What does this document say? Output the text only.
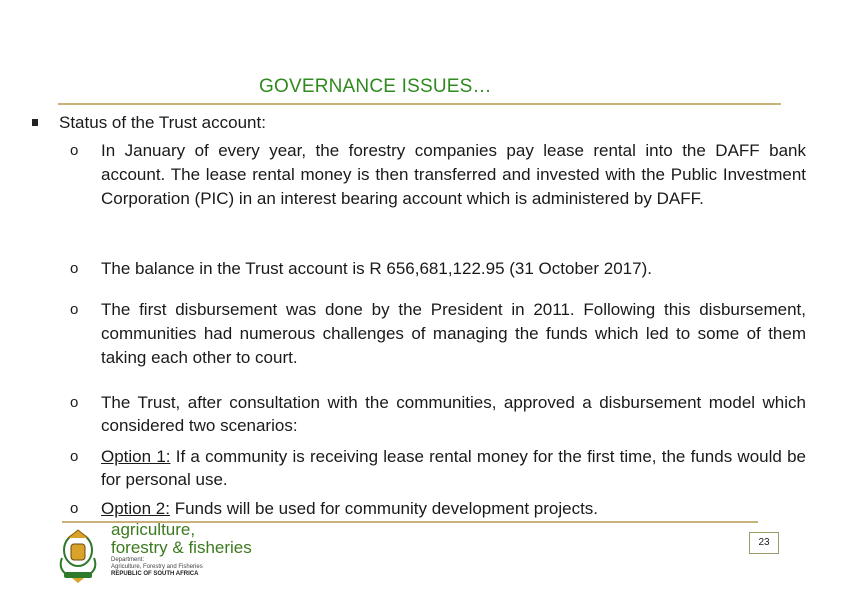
GOVERNANCE ISSUES…
Status of the Trust account:
o	In January of every year, the forestry companies pay lease rental into the DAFF bank account. The lease rental money is then transferred and invested with the Public Investment Corporation (PIC) in an interest bearing account which is administered by DAFF.
o	The balance in the Trust account is R 656,681,122.95 (31 October 2017).
o	The first disbursement was done by the President in 2011. Following this disbursement, communities had numerous challenges of managing the funds which led to some of them taking each other to court.
o	The Trust, after consultation with the communities, approved a disbursement model which considered two scenarios:
o	Option 1: If a community is receiving lease rental money for the first time, the funds would be for personal use.
o	Option 2: Funds will be used for community development projects.
agriculture,
forestry & fisheries
Department:
Agriculture, Forestry and Fisheries
REPUBLIC OF SOUTH AFRICA
23
